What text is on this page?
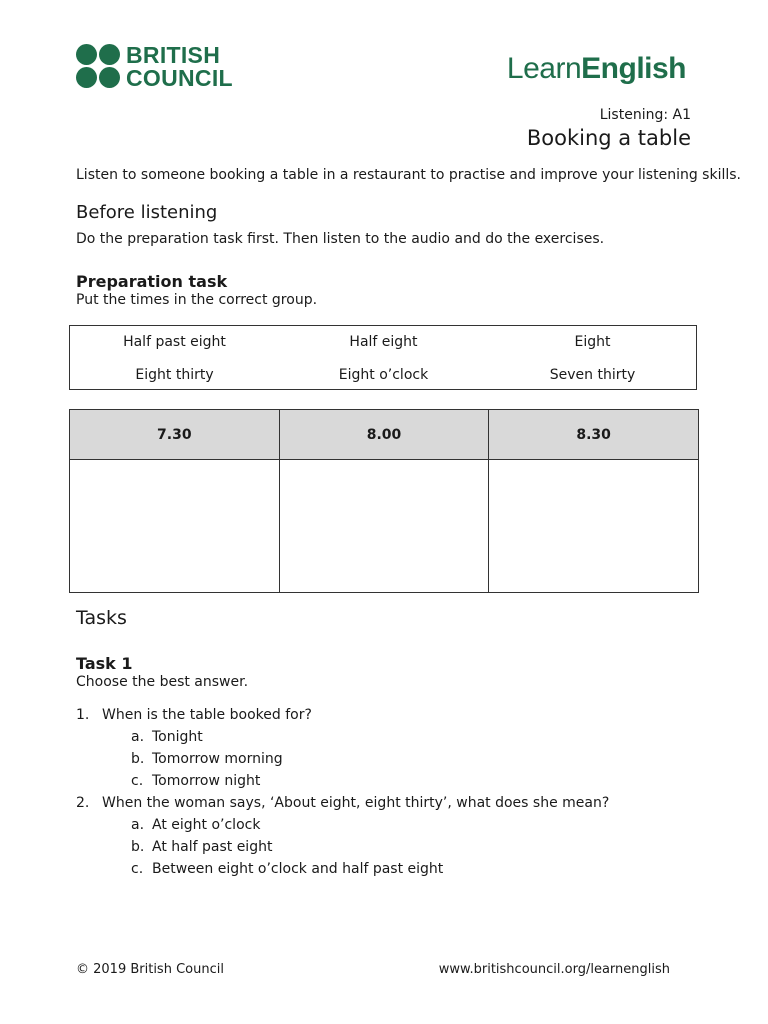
BRITISH
COUNCIL	LearnEnglish
Listening: A1
Booking a table
Listen to someone booking a table in a restaurant to practise and improve your listening skills.
Before listening
Do the preparation task first. Then listen to the audio and do the exercises.
Preparation task
Put the times in the correct group.
Half past eight	Half eight	Eight
Eight thirty	Eight o’clock	Seven thirty
7.30	8.00	8.30

Tasks
Task 1
Choose the best answer.
1. When is the table booked for?
a. Tonight
b. Tomorrow morning
c. Tomorrow night
2. When the woman says, ‘About eight, eight thirty’, what does she mean?
a. At eight o’clock
b. At half past eight
c. Between eight o’clock and half past eight
© 2019 British Council	www.britishcouncil.org/learnenglish
